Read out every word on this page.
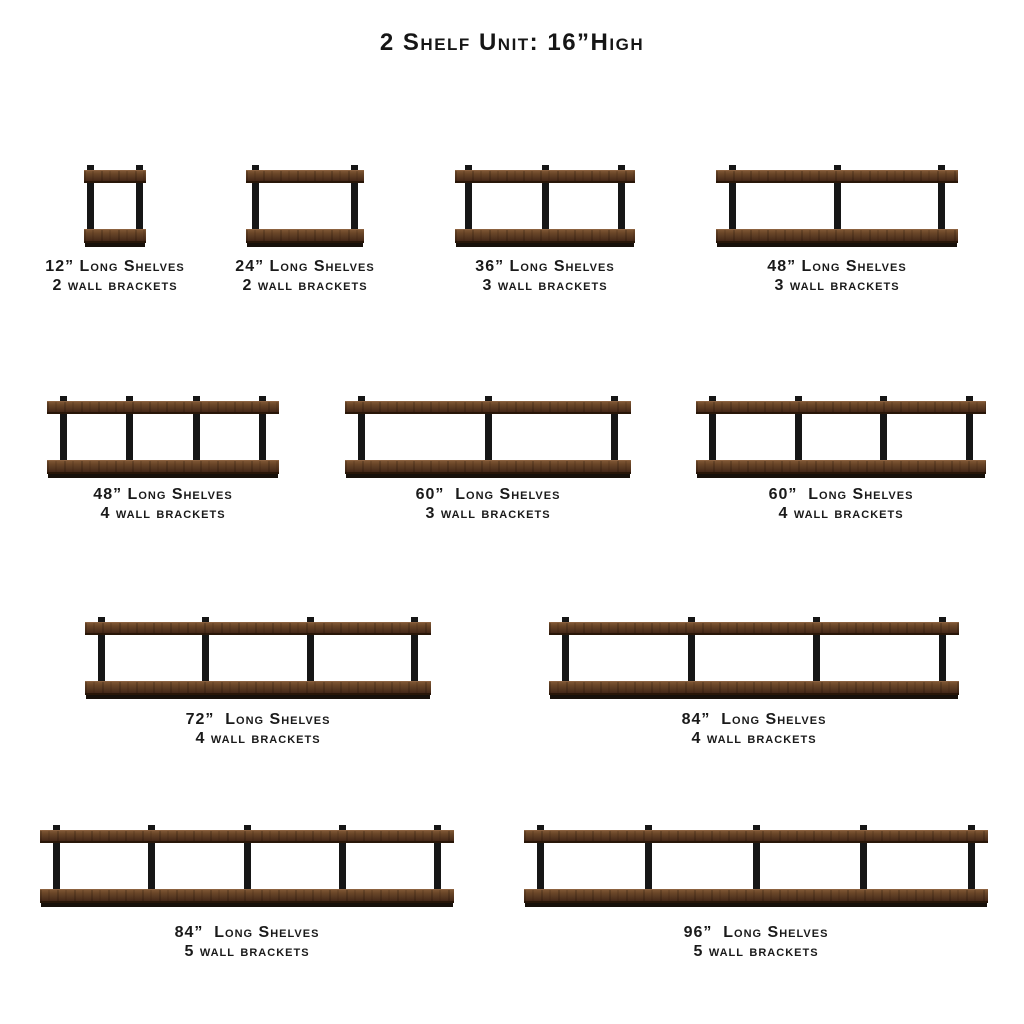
2 Shelf Unit: 16”High
12” Long Shelves
2 wall brackets
24” Long Shelves
2 wall brackets
36” Long Shelves
3 wall brackets
48” Long Shelves
3 wall brackets
48” Long Shelves
4 wall brackets
60”  Long Shelves
3 wall brackets
60”  Long Shelves
4 wall brackets
72”  Long Shelves
4 wall brackets
84”  Long Shelves
4 wall brackets
84”  Long Shelves
5 wall brackets
96”  Long Shelves
5 wall brackets
